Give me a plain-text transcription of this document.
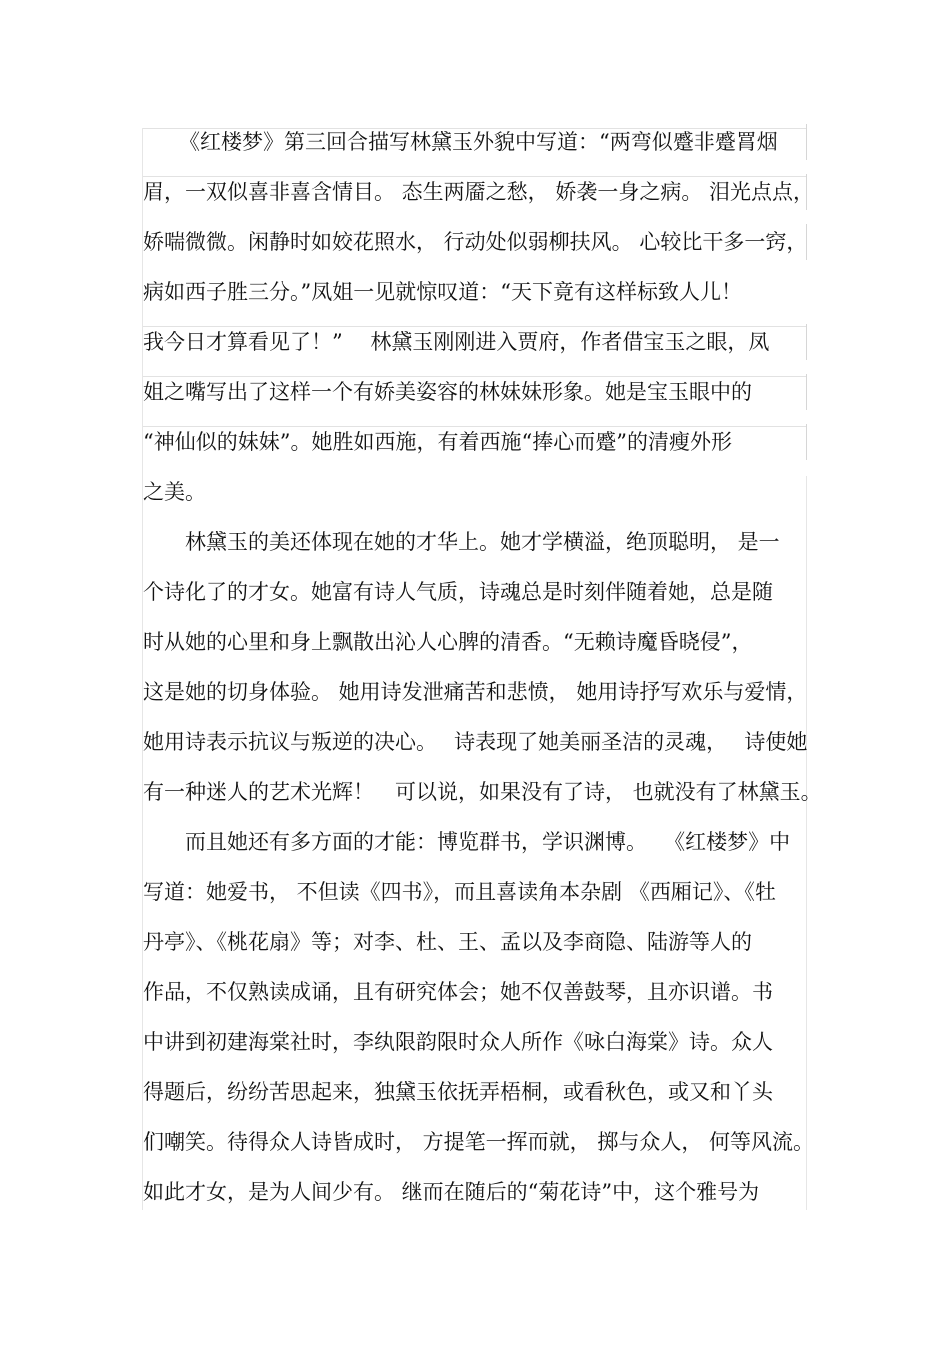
《红楼梦》第三回合描写林黛玉外貌中写道：“两弯似蹙非蹙罥烟
眉，一双似喜非喜含情目。 态生两靥之愁， 娇袭一身之病。 泪光点点，
娇喘微微。闲静时如姣花照水， 行动处似弱柳扶风。 心较比干多一窍，
病如西子胜三分。”凤姐一见就惊叹道：“天下竟有这样标致人儿！
我今日才算看见了！”　 林黛玉刚刚进入贾府，作者借宝玉之眼，凤
姐之嘴写出了这样一个有娇美姿容的林妹妹形象。她是宝玉眼中的
“神仙似的妹妹”。她胜如西施，有着西施“捧心而蹙”的清瘦外形
之美。
林黛玉的美还体现在她的才华上。她才学横溢，绝顶聪明， 是一
个诗化了的才女。她富有诗人气质，诗魂总是时刻伴随着她，总是随
时从她的心里和身上飘散出沁人心脾的清香。“无赖诗魔昏晓侵”，
这是她的切身体验。 她用诗发泄痛苦和悲愤， 她用诗抒写欢乐与爱情，
她用诗表示抗议与叛逆的决心。　 诗表现了她美丽圣洁的灵魂，　 诗使她
有一种迷人的艺术光辉！　可以说，如果没有了诗， 也就没有了林黛玉。
而且她还有多方面的才能：博览群书，学识渊博。　 《红楼梦》中
写道：她爱书， 不但读《四书》，而且喜读角本杂剧 《西厢记》、《牡
丹亭》、《桃花扇》等；对李、杜、王、孟以及李商隐、陆游等人的
作品，不仅熟读成诵，且有研究体会；她不仅善鼓琴，且亦识谱。书
中讲到初建海棠社时，李纨限韵限时众人所作《咏白海棠》诗。众人
得题后，纷纷苦思起来，独黛玉依抚弄梧桐，或看秋色，或又和丫头
们嘲笑。待得众人诗皆成时， 方提笔一挥而就， 掷与众人， 何等风流。
如此才女，是为人间少有。 继而在随后的“菊花诗”中，这个雅号为
